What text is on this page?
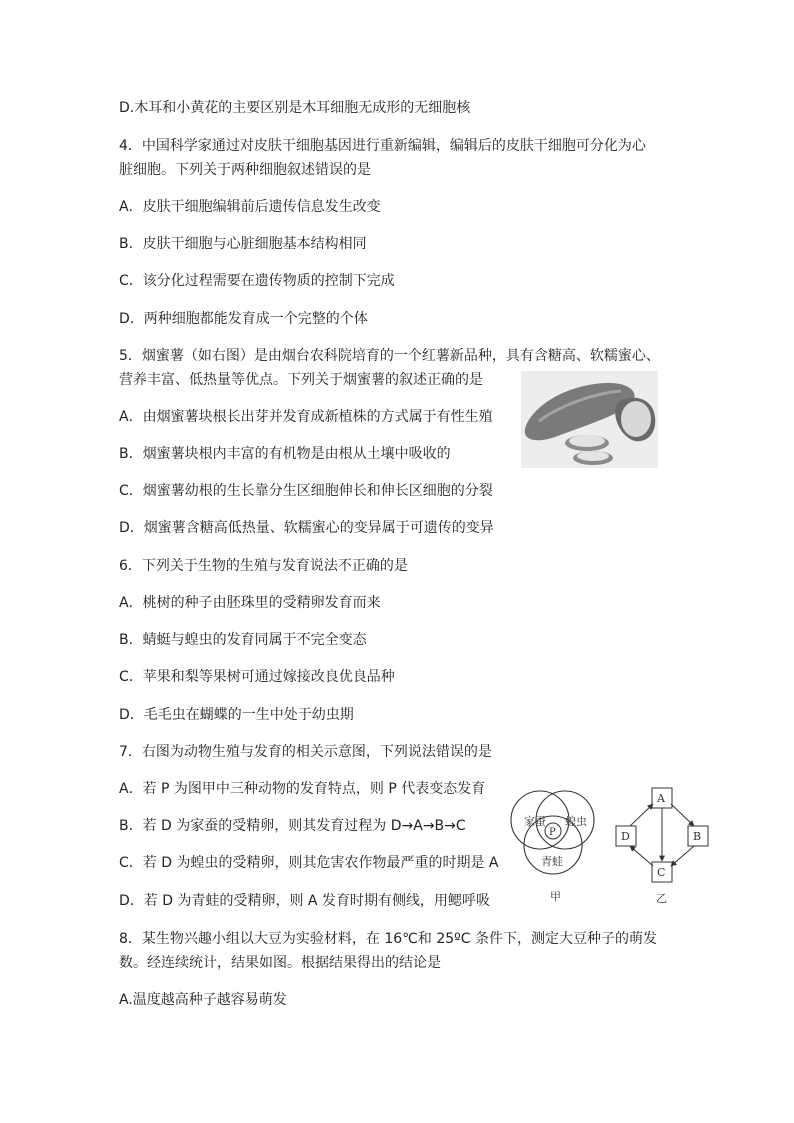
D.木耳和小黄花的主要区别是木耳细胞无成形的无细胞核
4．中国科学家通过对皮肤干细胞基因进行重新编辑，编辑后的皮肤干细胞可分化为心
脏细胞。下列关于两种细胞叙述错误的是
A．皮肤干细胞编辑前后遗传信息发生改变
B．皮肤干细胞与心脏细胞基本结构相同
C．该分化过程需要在遗传物质的控制下完成
D．两种细胞都能发育成一个完整的个体
5．烟蜜薯（如右图）是由烟台农科院培育的一个红薯新品种，具有含糖高、软糯蜜心、
营养丰富、低热量等优点。下列关于烟蜜薯的叙述正确的是
A．由烟蜜薯块根长出芽并发育成新植株的方式属于有性生殖
B．烟蜜薯块根内丰富的有机物是由根从土壤中吸收的
C．烟蜜薯幼根的生长靠分生区细胞伸长和伸长区细胞的分裂
D．烟蜜薯含糖高低热量、软糯蜜心的变异属于可遗传的变异
6．下列关于生物的生殖与发育说法不正确的是
A．桃树的种子由胚珠里的受精卵发育而来
B．蜻蜓与蝗虫的发育同属于不完全变态
C．苹果和梨等果树可通过嫁接改良优良品种
D．毛毛虫在蝴蝶的一生中处于幼虫期
7．右图为动物生殖与发育的相关示意图，下列说法错误的是
A．若 P 为图甲中三种动物的发育特点，则 P 代表变态发育
B．若 D 为家蚕的受精卵，则其发育过程为 D→A→B→C
C．若 D 为蝗虫的受精卵，则其危害农作物最严重的时期是 A
D．若 D 为青蛙的受精卵，则 A 发育时期有侧线，用鳃呼吸
家蚕 蝗虫
青蛙
P
甲
A
D	B
C
乙
8．某生物兴趣小组以大豆为实验材料，在 16℃和 25ºC 条件下，测定大豆种子的萌发
数。经连续统计，结果如图。根据结果得出的结论是
A.温度越高种子越容易萌发
